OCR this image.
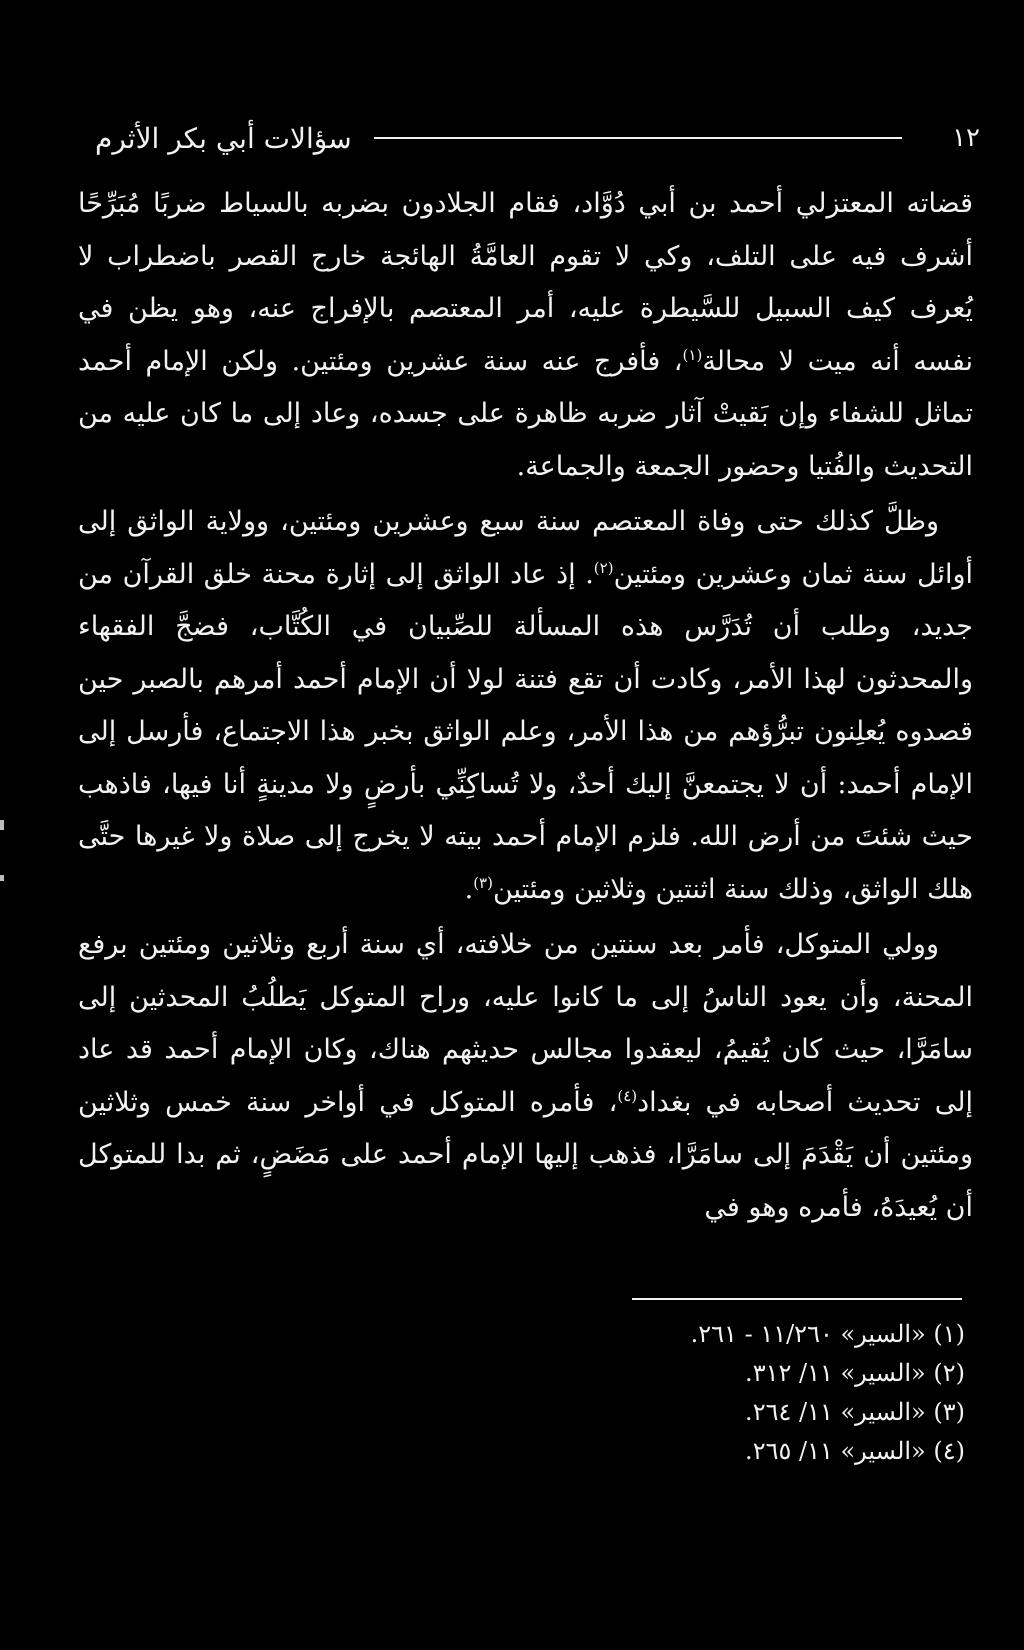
١٢
سؤالات أبي بكر الأثرم

قضاته المعتزلي أحمد بن أبي دُوَّاد، فقام الجلادون بضربه بالسياط ضربًا مُبَرِّحًا أشرف فيه على التلف، وكي لا تقوم العامَّةُ الهائجة خارج القصر باضطراب لا يُعرف كيف السبيل للسَّيطرة عليه، أمر المعتصم بالإفراج عنه، وهو يظن في نفسه أنه ميت لا محالة$^{(١)}$، فأفرج عنه سنة عشرين ومئتين. ولكن الإمام أحمد تماثل للشفاء وإن بَقيتْ آثار ضربه ظاهرة على جسده، وعاد إلى ما كان عليه من التحديث والفُتيا وحضور الجمعة والجماعة.

وظلَّ كذلك حتى وفاة المعتصم سنة سبع وعشرين ومئتين، وولاية الواثق إلى أوائل سنة ثمان وعشرين ومئتين$^{(٢)}$. إذ عاد الواثق إلى إثارة محنة خلق القرآن من جديد، وطلب أن تُدَرَّس هذه المسألة للصِّبيان في الكُتَّاب، فضجَّ الفقهاء والمحدثون لهذا الأمر، وكادت أن تقع فتنة لولا أن الإمام أحمد أمرهم بالصبر حين قصدوه يُعلِنون تبرُّؤهم من هذا الأمر، وعلم الواثق بخبر هذا الاجتماع، فأرسل إلى الإمام أحمد: أن لا يجتمعنَّ إليك أحدٌ، ولا تُساكِنِّي بأرضٍ ولا مدينةٍ أنا فيها، فاذهب حيث شئتَ من أرض الله. فلزم الإمام أحمد بيته لا يخرج إلى صلاة ولا غيرها حتَّى هلك الواثق، وذلك سنة اثنتين وثلاثين ومئتين$^{(٣)}$.

وولي المتوكل، فأمر بعد سنتين من خلافته، أي سنة أربع وثلاثين ومئتين برفع المحنة، وأن يعود الناسُ إلى ما كانوا عليه، وراح المتوكل يَطلُبُ المحدثين إلى سامَرَّا، حيث كان يُقيمُ، ليعقدوا مجالس حديثهم هناك، وكان الإمام أحمد قد عاد إلى تحديث أصحابه في بغداد$^{(٤)}$، فأمره المتوكل في أواخر سنة خمس وثلاثين ومئتين أن يَقْدَمَ إلى سامَرَّا، فذهب إليها الإمام أحمد على مَضَضٍ، ثم بدا للمتوكل أن يُعيدَهُ، فأمره وهو في

(١) «السير» ١١/٢٦٠ - ٢٦١.
(٢) «السير» ١١/ ٣١٢.
(٣) «السير» ١١/ ٢٦٤.
(٤) «السير» ١١/ ٢٦٥.
